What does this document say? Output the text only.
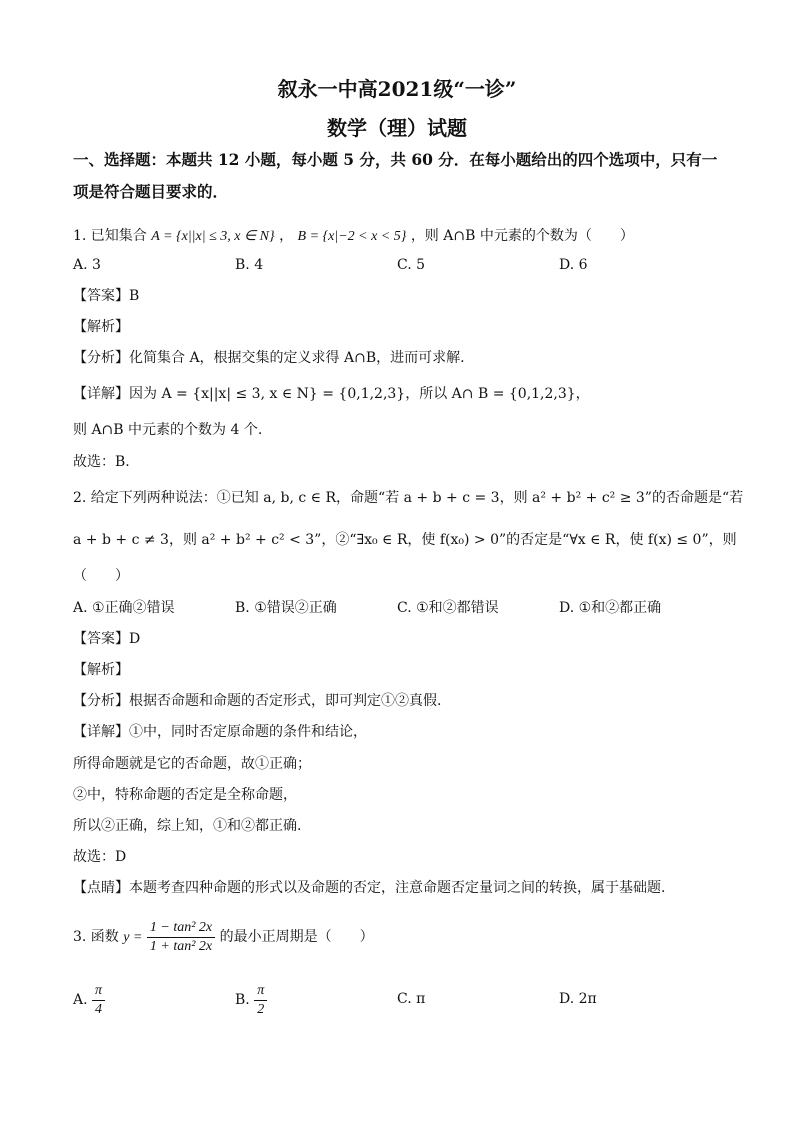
叙永一中高2021级“一诊”
数学（理）试题
一、选择题：本题共 12 小题，每小题 5 分，共 60 分．在每小题给出的四个选项中，只有一
项是符合题目要求的．
1. 已知集合 A = {x||x| ≤ 3, x ∈ N} ， B = {x|−2 < x < 5} ，则 A∩B 中元素的个数为（　　）
A. 3	B. 4	C. 5	D. 6
【答案】B
【解析】
【分析】化简集合 A，根据交集的定义求得 A∩B，进而可求解.
【详解】因为 A = {x||x| ≤ 3, x ∈ N} = {0,1,2,3}，所以 A∩ B = {0,1,2,3}，
则 A∩B 中元素的个数为 4 个.
故选：B.
2. 给定下列两种说法：①已知 a, b, c ∈ R，命题“若 a + b + c = 3，则 a² + b² + c² ≥ 3”的否命题是“若
a + b + c ≠ 3，则 a² + b² + c² < 3”，②“∃x₀ ∈ R，使 f(x₀) > 0”的否定是“∀x ∈ R，使 f(x) ≤ 0”，则
（　　）
A. ①正确②错误	B. ①错误②正确	C. ①和②都错误	D. ①和②都正确
【答案】D
【解析】
【分析】根据否命题和命题的否定形式，即可判定①②真假.
【详解】①中，同时否定原命题的条件和结论，
所得命题就是它的否命题，故①正确；
②中，特称命题的否定是全称命题，
所以②正确，综上知，①和②都正确.
故选：D
【点睛】本题考查四种命题的形式以及命题的否定，注意命题否定量词之间的转换，属于基础题.
3. 函数 $y = \frac{\text{1 − tan² 2x}}{\text{1 + tan² 2x}}$ 的最小正周期是（　　）
A. $\frac{\pi}{4}$	B. $\frac{\pi}{2}$	C. π	D. 2π
